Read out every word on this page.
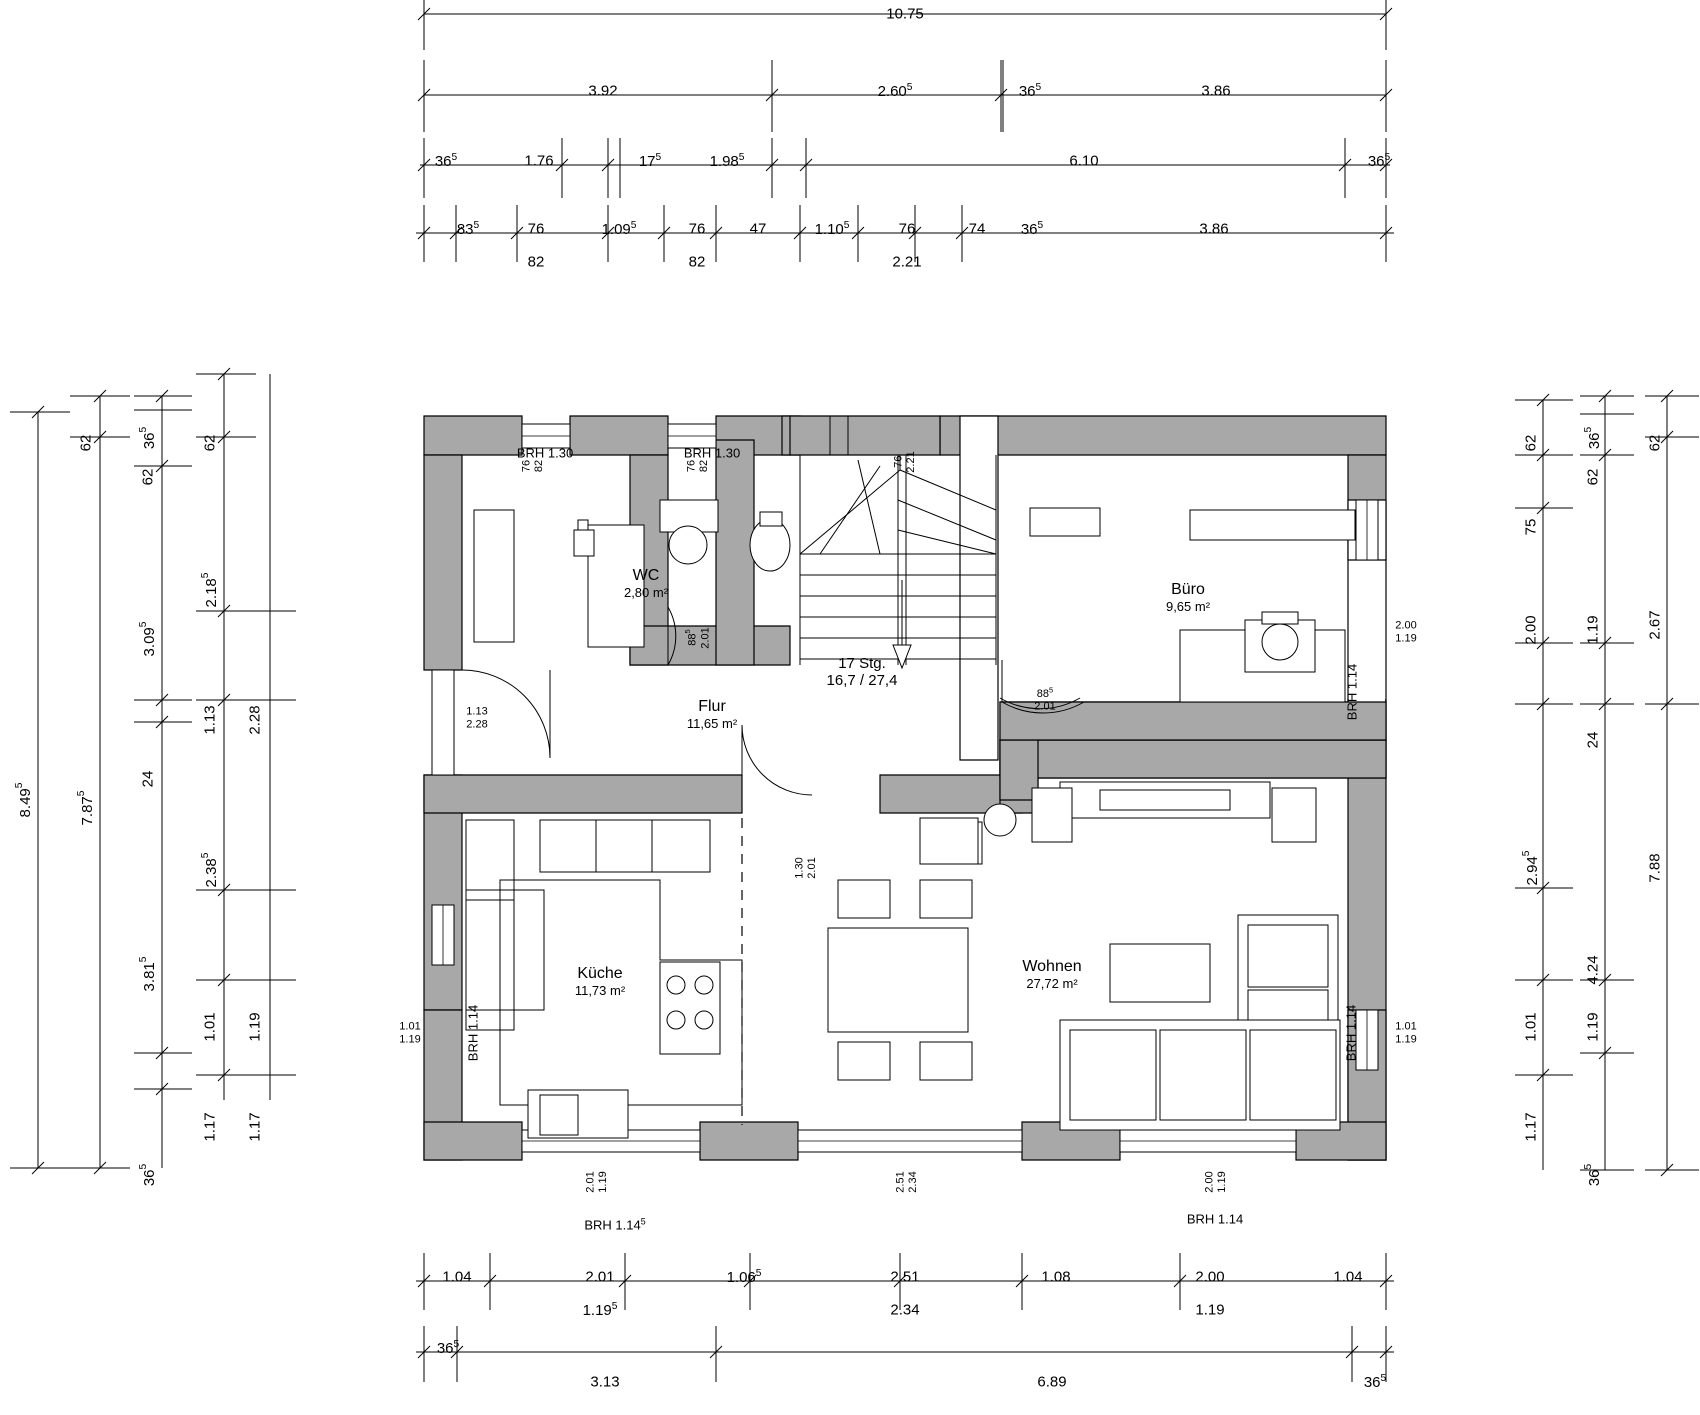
WC
2,80 m²
Flur
11,65 m²
Küche
11,73 m²
Wohnen
27,72 m²
Büro
9,65 m²
17 Stg.
16,7 / 27,4
BRH 1.30	BRH 1.30
BRH 1.14
BRH 1.14	BRH 1.14
BRH 1.14$^5$	BRH 1.14
76 82	76 82	76 2.21
$88^5$ 2.01
$88^5$
2.01
1.13
2.28
1.30 2.01
2.00
1.19
1.01
1.19
1.01
1.19
2.01 1.19	2.51 2.34	2.00 1.19
10.75
3.92	2.60$^5$	$36^5$	3.86
$36^5$	1.76	$17^5$	1.98$^5$	6.10	$36^5$
$83^5$	76	1.09$^5$	76	47	1.10$^5$	76	74 $36^5$	3.86
82	82	2.21
8.49$^5$
62
7.87$^5$
$36^5$
62
3.09$^5$
24
3.81$^5$
$36^5$
62
2.18$^5$
1.13
2.38$^5$
1.01
1.17
2.28
1.19
1.17
62
75
2.00
2.94$^5$
1.01
1.17
$36^5$
62
1.19
24
4.24
1.19
$36^5$
62
2.67
7.88
1.04	2.01	1.06$^5$	2.51	1.08	2.00	1.04
1.19$^5$	2.34	1.19
$36^5$
3.13	6.89	$36^5$
